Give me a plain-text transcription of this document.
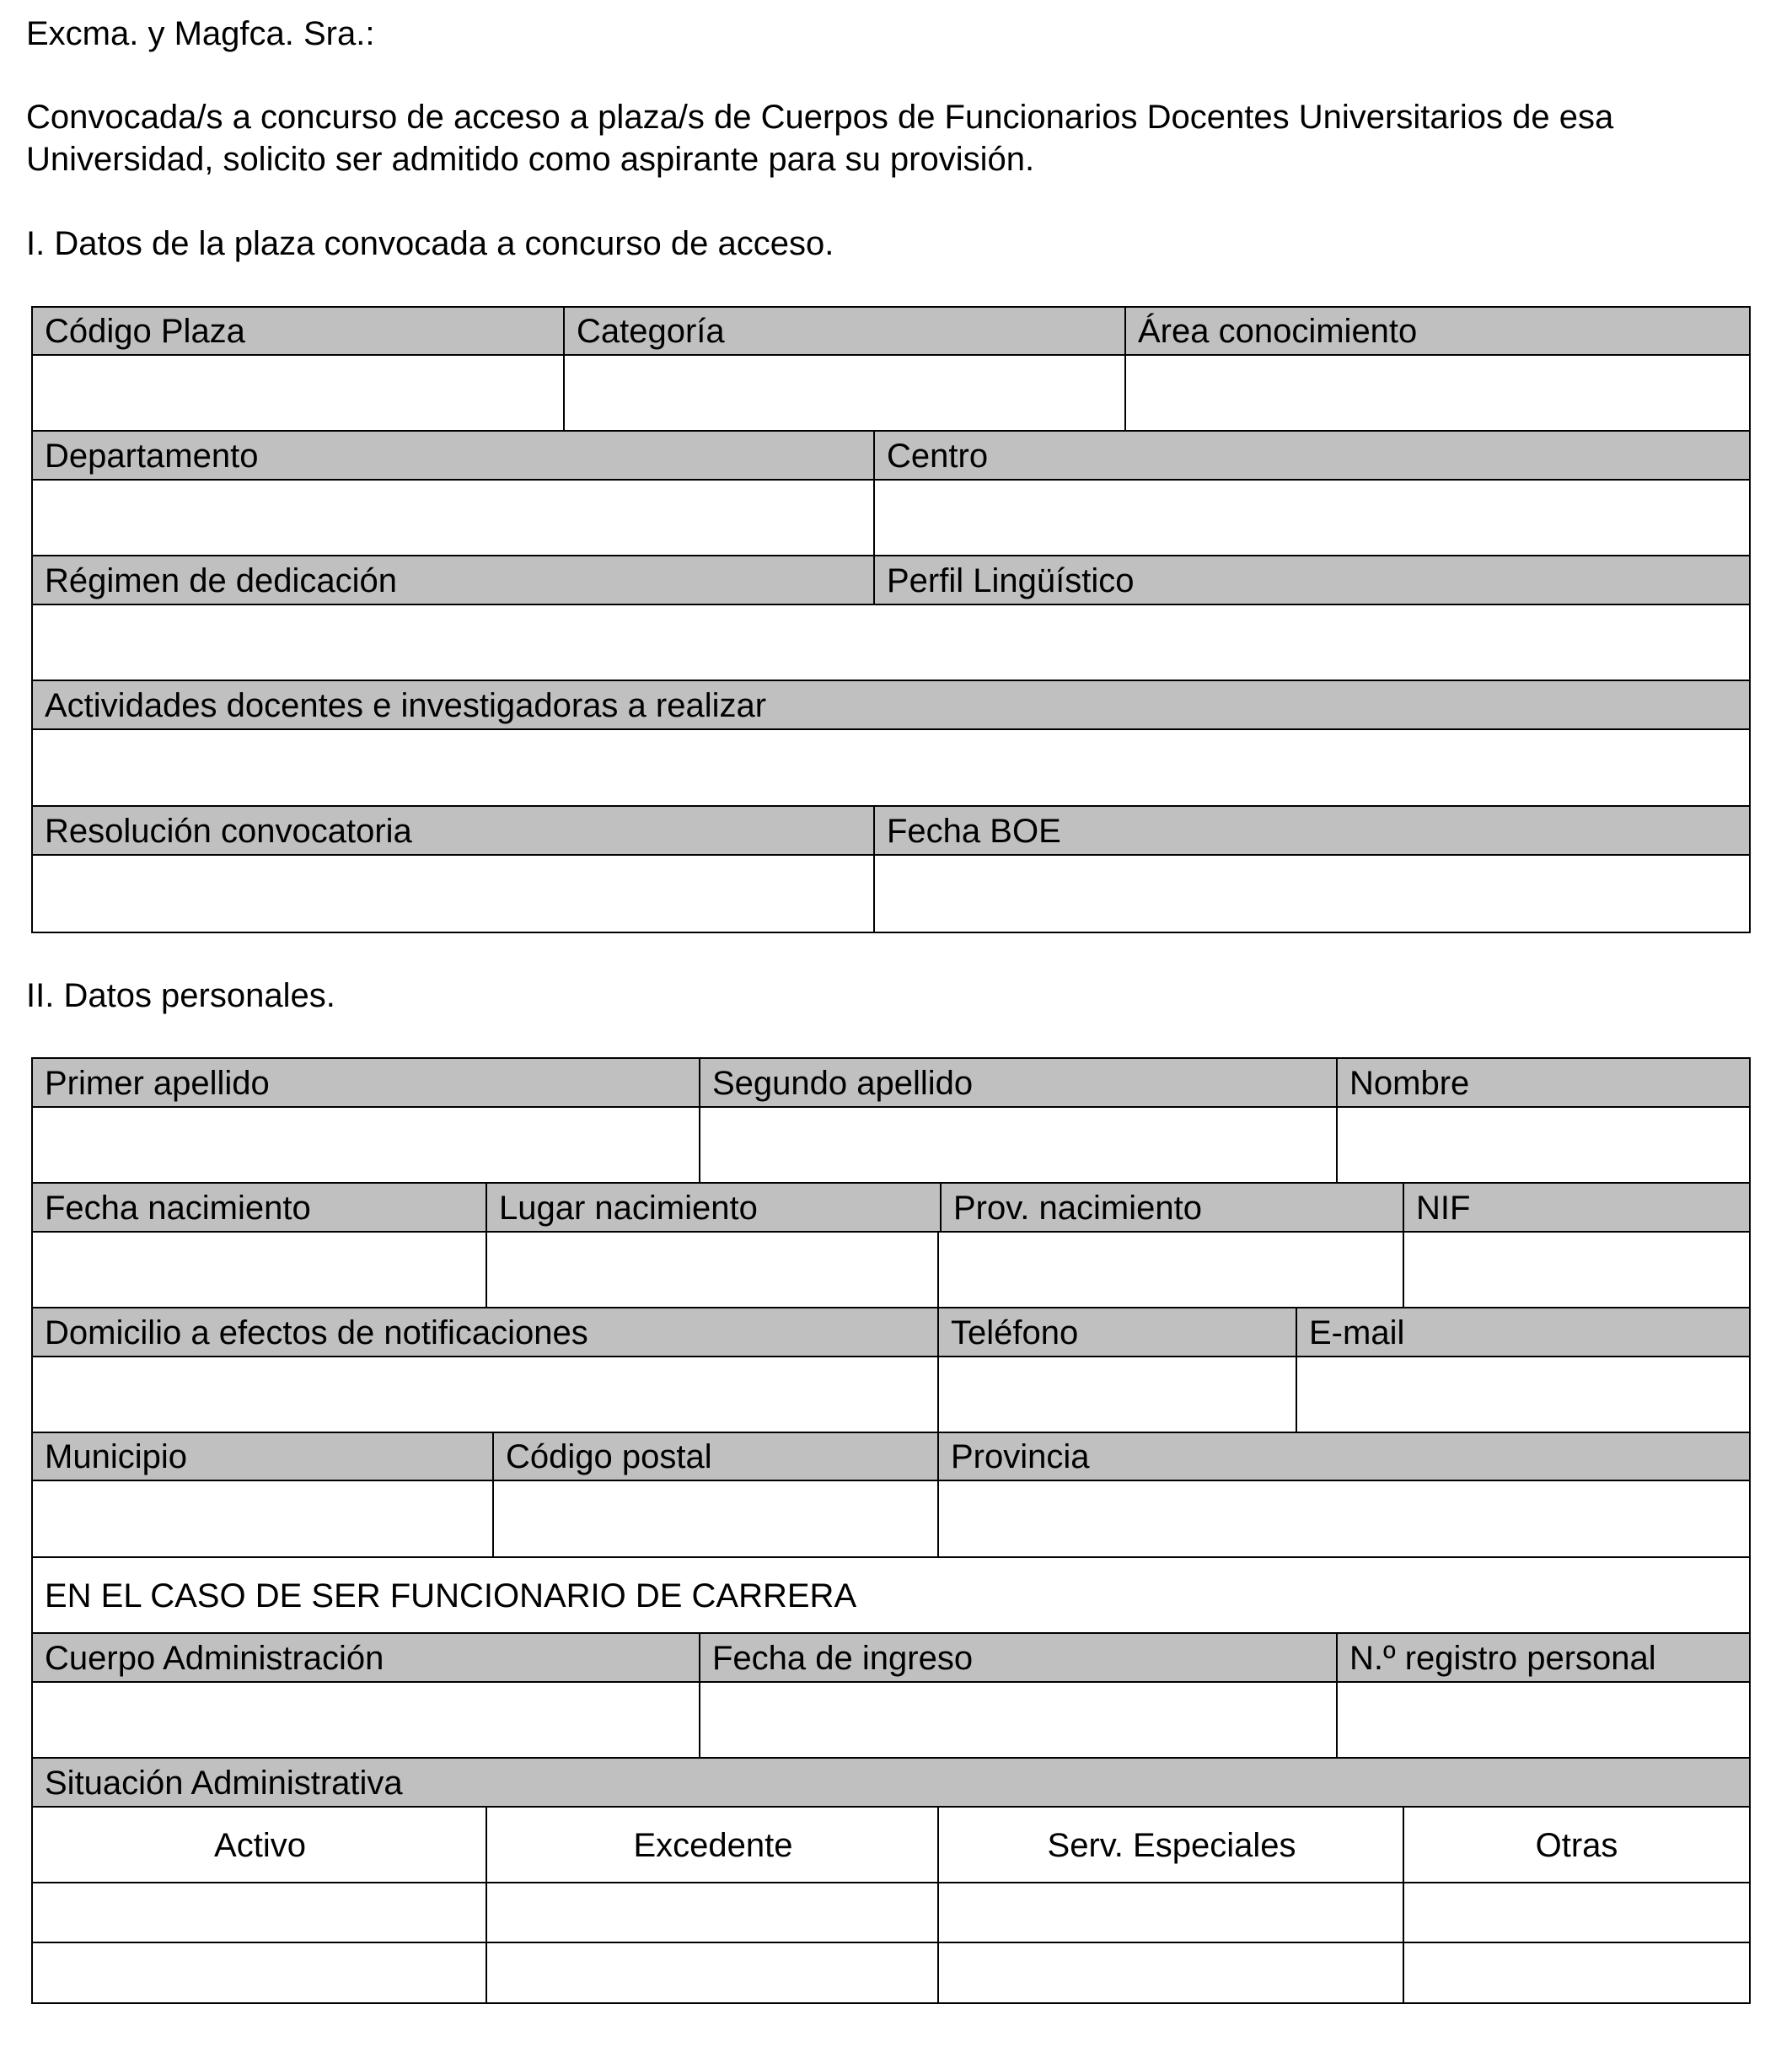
Excma. y Magfca. Sra.:
Convocada/s a concurso de acceso a plaza/s de Cuerpos de Funcionarios Docentes Universitarios de esa
Universidad, solicito ser admitido como aspirante para su provisión.
I. Datos de la plaza convocada a concurso de acceso.
Código Plaza	Categoría	Área conocimiento
Departamento	Centro
Régimen de dedicación	Perfil Lingüístico
Actividades docentes e investigadoras a realizar
Resolución convocatoria	Fecha BOE
II. Datos personales.
Primer apellido	Segundo apellido	Nombre
Fecha nacimiento	Lugar nacimiento	Prov. nacimiento	NIF
Domicilio a efectos de notificaciones	Teléfono	E-mail
Municipio	Código postal	Provincia
EN EL CASO DE SER FUNCIONARIO DE CARRERA
Cuerpo Administración	Fecha de ingreso	N.º registro personal
Situación Administrativa
Activo	Excedente	Serv. Especiales	Otras
